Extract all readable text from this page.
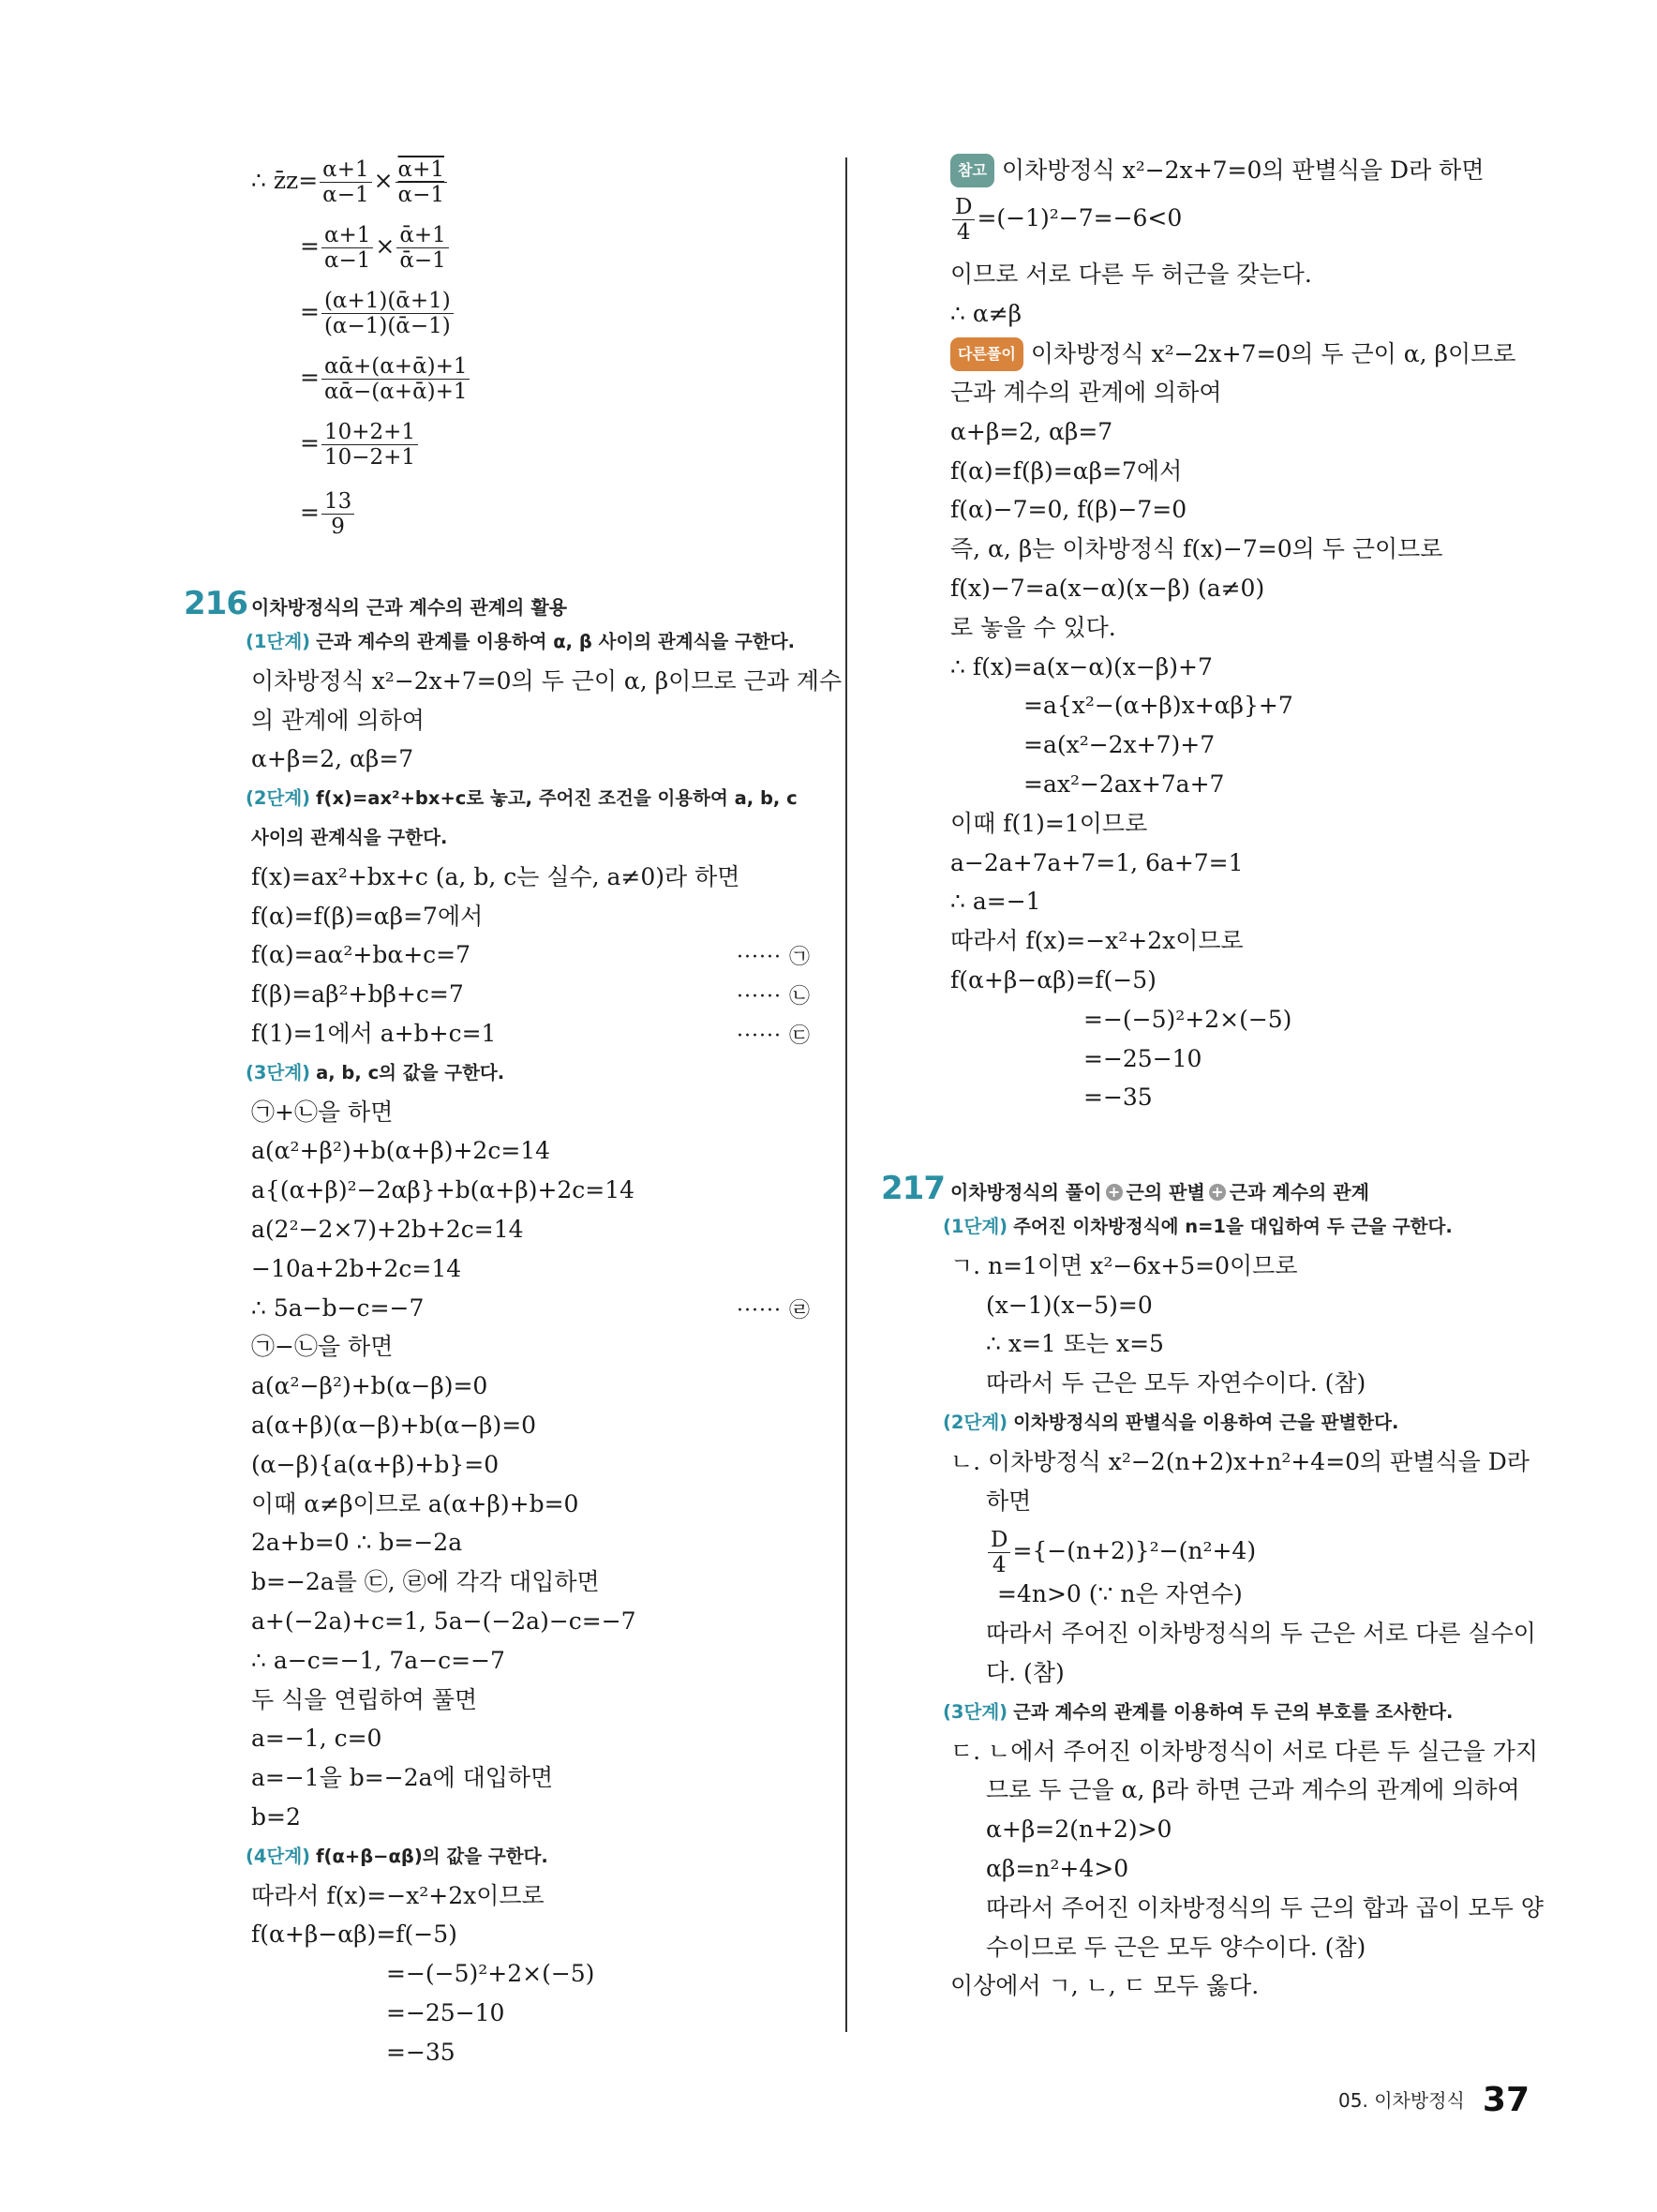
05. 이차방정식 37
∴ z̄z= $\frac{\alpha+1}{\alpha-1} \times \frac{\alpha+1}{\alpha-1}$
= $\frac{\alpha+1}{\alpha-1} \times \frac{\text{ᾱ+1}}{\text{ᾱ−1}}$
= $\frac{\text{(α+1)(ᾱ+1)}}{\text{(α−1)(ᾱ−1)}}$
= $\frac{\text{αᾱ+(α+ᾱ)+1}}{\text{αᾱ−(α+ᾱ)+1}}$
= $\frac{10+2+1}{10-2+1}$
= $\frac{13}{9}$
216 이차방정식의 근과 계수의 관계의 활용
(1단계) 근과 계수의 관계를 이용하여 α, β 사이의 관계식을 구한다.
이차방정식 x²−2x+7=0의 두 근이 α, β이므로 근과 계수
의 관계에 의하여
α+β=2, αβ=7
(2단계) f(x)=ax²+bx+c로 놓고, 주어진 조건을 이용하여 a, b, c
사이의 관계식을 구한다.
f(x)=ax²+bx+c (a, b, c는 실수, a≠0)라 하면
f(α)=f(β)=αβ=7에서
f(α)=aα²+bα+c=7	······ ㉠
f(β)=aβ²+bβ+c=7	······ ㉡
f(1)=1에서 a+b+c=1	······ ㉢
(3단계) a, b, c의 값을 구한다.
㉠+㉡을 하면
a(α²+β²)+b(α+β)+2c=14
a{(α+β)²−2αβ}+b(α+β)+2c=14
a(2²−2×7)+2b+2c=14
−10a+2b+2c=14
∴ 5a−b−c=−7	······ ㉣
㉠−㉡을 하면
a(α²−β²)+b(α−β)=0
a(α+β)(α−β)+b(α−β)=0
(α−β){a(α+β)+b}=0
이때 α≠β이므로 a(α+β)+b=0
2a+b=0 ∴ b=−2a
b=−2a를 ㉢, ㉣에 각각 대입하면
a+(−2a)+c=1, 5a−(−2a)−c=−7
∴ a−c=−1, 7a−c=−7
두 식을 연립하여 풀면
a=−1, c=0
a=−1을 b=−2a에 대입하면
b=2
(4단계) f(α+β−αβ)의 값을 구한다.
따라서 f(x)=−x²+2x이므로
f(α+β−αβ)=f(−5)
=−(−5)²+2×(−5)
=−25−10
=−35
참고 이차방정식 x²−2x+7=0의 판별식을 D라 하면
$\frac{D}{4} =(-1)^2-7=-6<0$
이므로 서로 다른 두 허근을 갖는다.
∴ α≠β
다른풀이 이차방정식 x²−2x+7=0의 두 근이 α, β이므로
근과 계수의 관계에 의하여
α+β=2, αβ=7
f(α)=f(β)=αβ=7에서
f(α)−7=0, f(β)−7=0
즉, α, β는 이차방정식 f(x)−7=0의 두 근이므로
f(x)−7=a(x−α)(x−β) (a≠0)
로 놓을 수 있다.
∴ f(x)=a(x−α)(x−β)+7
=a{x²−(α+β)x+αβ}+7
=a(x²−2x+7)+7
=ax²−2ax+7a+7
이때 f(1)=1이므로
a−2a+7a+7=1, 6a+7=1
∴ a=−1
따라서 f(x)=−x²+2x이므로
f(α+β−αβ)=f(−5)
=−(−5)²+2×(−5)
=−25−10
=−35
217 이차방정식의 풀이 + 근의 판별 + 근과 계수의 관계
(1단계) 주어진 이차방정식에 n=1을 대입하여 두 근을 구한다.
ㄱ. n=1이면 x²−6x+5=0이므로
(x−1)(x−5)=0
∴ x=1 또는 x=5
따라서 두 근은 모두 자연수이다. (참)
(2단계) 이차방정식의 판별식을 이용하여 근을 판별한다.
ㄴ. 이차방정식 x²−2(n+2)x+n²+4=0의 판별식을 D라
하면
$\frac{D}{4} =\{-(n+2)\}^2-(n^2+4)$
=4n>0 (∵ n은 자연수)
따라서 주어진 이차방정식의 두 근은 서로 다른 실수이
다. (참)
(3단계) 근과 계수의 관계를 이용하여 두 근의 부호를 조사한다.
ㄷ. ㄴ에서 주어진 이차방정식이 서로 다른 두 실근을 가지
므로 두 근을 α, β라 하면 근과 계수의 관계에 의하여
α+β=2(n+2)>0
αβ=n²+4>0
따라서 주어진 이차방정식의 두 근의 합과 곱이 모두 양
수이므로 두 근은 모두 양수이다. (참)
이상에서 ㄱ, ㄴ, ㄷ 모두 옳다.
